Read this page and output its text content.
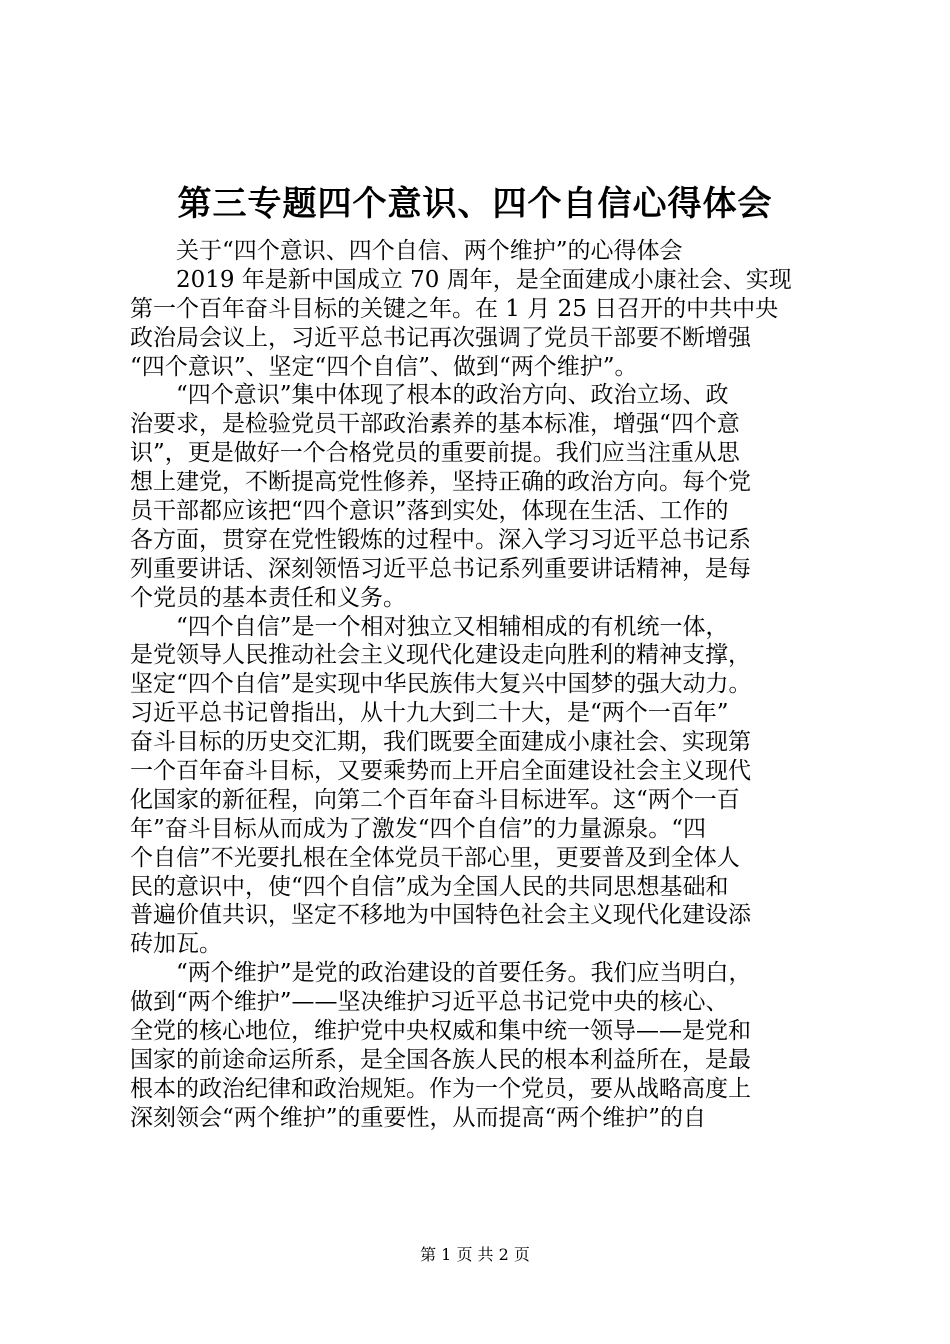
第三专题四个意识、四个自信心得体会
关于“四个意识、四个自信、两个维护”的心得体会
2019 年是新中国成立 70 周年，是全面建成小康社会、实现
第一个百年奋斗目标的关键之年。在 1 月 25 日召开的中共中央
政治局会议上，习近平总书记再次强调了党员干部要不断增强
“四个意识”、坚定“四个自信”、做到“两个维护”。
“四个意识”集中体现了根本的政治方向、政治立场、政
治要求，是检验党员干部政治素养的基本标准，增强“四个意
识”，更是做好一个合格党员的重要前提。我们应当注重从思
想上建党，不断提高党性修养，坚持正确的政治方向。每个党
员干部都应该把“四个意识”落到实处，体现在生活、工作的
各方面，贯穿在党性锻炼的过程中。深入学习习近平总书记系
列重要讲话、深刻领悟习近平总书记系列重要讲话精神，是每
个党员的基本责任和义务。
“四个自信”是一个相对独立又相辅相成的有机统一体，
是党领导人民推动社会主义现代化建设走向胜利的精神支撑，
坚定“四个自信”是实现中华民族伟大复兴中国梦的强大动力。
习近平总书记曾指出，从十九大到二十大，是“两个一百年”
奋斗目标的历史交汇期，我们既要全面建成小康社会、实现第
一个百年奋斗目标，又要乘势而上开启全面建设社会主义现代
化国家的新征程，向第二个百年奋斗目标进军。这“两个一百
年”奋斗目标从而成为了激发“四个自信”的力量源泉。“四
个自信”不光要扎根在全体党员干部心里，更要普及到全体人
民的意识中，使“四个自信”成为全国人民的共同思想基础和
普遍价值共识，坚定不移地为中国特色社会主义现代化建设添
砖加瓦。
“两个维护”是党的政治建设的首要任务。我们应当明白，
做到“两个维护”——坚决维护习近平总书记党中央的核心、
全党的核心地位，维护党中央权威和集中统一领导——是党和
国家的前途命运所系，是全国各族人民的根本利益所在，是最
根本的政治纪律和政治规矩。作为一个党员，要从战略高度上
深刻领会“两个维护”的重要性，从而提高“两个维护”的自
第 1 页 共 2 页
